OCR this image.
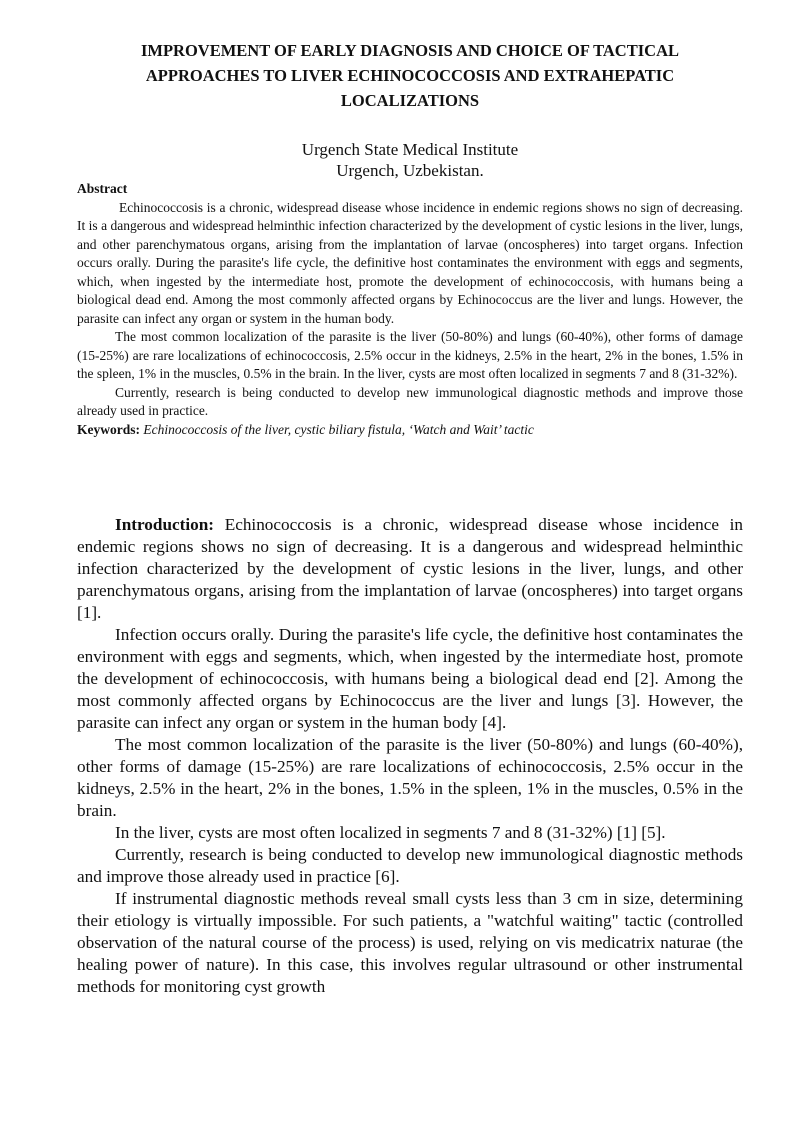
IMPROVEMENT OF EARLY DIAGNOSIS AND CHOICE OF TACTICAL
APPROACHES TO LIVER ECHINOCOCCOSIS AND EXTRAHEPATIC
LOCALIZATIONS
Urgench State Medical Institute
Urgench, Uzbekistan.
Abstract

Echinococcosis is a chronic, widespread disease whose incidence in endemic regions shows no sign of decreasing. It is a dangerous and widespread helminthic infection characterized by the development of cystic lesions in the liver, lungs, and other parenchymatous organs, arising from the implantation of larvae (oncospheres) into target organs. Infection occurs orally. During the parasite's life cycle, the definitive host contaminates the environment with eggs and segments, which, when ingested by the intermediate host, promote the development of echinococcosis, with humans being a biological dead end. Among the most commonly affected organs by Echinococcus are the liver and lungs. However, the parasite can infect any organ or system in the human body.

The most common localization of the parasite is the liver (50-80%) and lungs (60-40%), other forms of damage (15-25%) are rare localizations of echinococcosis, 2.5% occur in the kidneys, 2.5% in the heart, 2% in the bones, 1.5% in the spleen, 1% in the muscles, 0.5% in the brain. In the liver, cysts are most often localized in segments 7 and 8 (31-32%).

Currently, research is being conducted to develop new immunological diagnostic methods and improve those already used in practice.

Keywords: Echinococcosis of the liver, cystic biliary fistula, ‘Watch and Wait’ tactic

Introduction: Echinococcosis is a chronic, widespread disease whose incidence in endemic regions shows no sign of decreasing. It is a dangerous and widespread helminthic infection characterized by the development of cystic lesions in the liver, lungs, and other parenchymatous organs, arising from the implantation of larvae (oncospheres) into target organs [1].

Infection occurs orally. During the parasite's life cycle, the definitive host contaminates the environment with eggs and segments, which, when ingested by the intermediate host, promote the development of echinococcosis, with humans being a biological dead end [2]. Among the most commonly affected organs by Echinococcus are the liver and lungs [3]. However, the parasite can infect any organ or system in the human body [4].

The most common localization of the parasite is the liver (50-80%) and lungs (60-40%), other forms of damage (15-25%) are rare localizations of echinococcosis, 2.5% occur in the kidneys, 2.5% in the heart, 2% in the bones, 1.5% in the spleen, 1% in the muscles, 0.5% in the brain.

In the liver, cysts are most often localized in segments 7 and 8 (31-32%) [1] [5].

Currently, research is being conducted to develop new immunological diagnostic methods and improve those already used in practice [6].

If instrumental diagnostic methods reveal small cysts less than 3 cm in size, determining their etiology is virtually impossible. For such patients, a "watchful waiting" tactic (controlled observation of the natural course of the process) is used, relying on vis medicatrix naturae (the healing power of nature). In this case, this involves regular ultrasound or other instrumental methods for monitoring cyst growth
